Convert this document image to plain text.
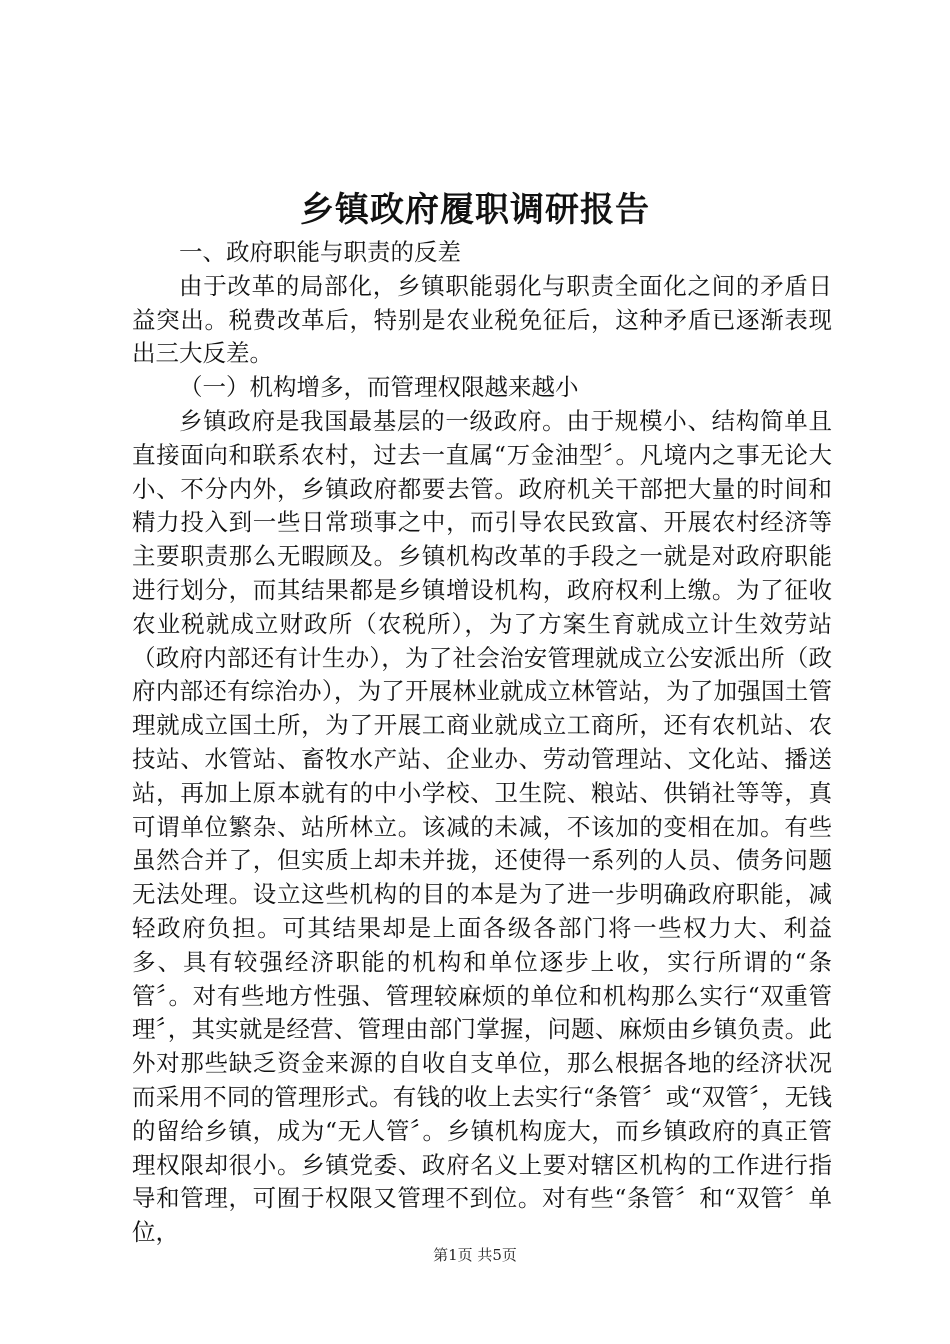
乡镇政府履职调研报告

一、政府职能与职责的反差

由于改革的局部化，乡镇职能弱化与职责全面化之间的矛盾日益突出。税费改革后，特别是农业税免征后，这种矛盾已逐渐表现出三大反差。

（一）机构增多，而管理权限越来越小

乡镇政府是我国最基层的一级政府。由于规模小、结构简单且直接面向和联系农村，过去一直属“万金油型〞。凡境内之事无论大小、不分内外，乡镇政府都要去管。政府机关干部把大量的时间和精力投入到一些日常琐事之中，而引导农民致富、开展农村经济等主要职责那么无暇顾及。乡镇机构改革的手段之一就是对政府职能进行划分，而其结果都是乡镇增设机构，政府权利上缴。为了征收农业税就成立财政所（农税所），为了方案生育就成立计生效劳站（政府内部还有计生办），为了社会治安管理就成立公安派出所（政府内部还有综治办），为了开展林业就成立林管站，为了加强国土管理就成立国土所，为了开展工商业就成立工商所，还有农机站、农技站、水管站、畜牧水产站、企业办、劳动管理站、文化站、播送站，再加上原本就有的中小学校、卫生院、粮站、供销社等等，真可谓单位繁杂、站所林立。该减的未减，不该加的变相在加。有些虽然合并了，但实质上却未并拢，还使得一系列的人员、债务问题无法处理。设立这些机构的目的本是为了进一步明确政府职能，减轻政府负担。可其结果却是上面各级各部门将一些权力大、利益多、具有较强经济职能的机构和单位逐步上收，实行所谓的“条管〞。对有些地方性强、管理较麻烦的单位和机构那么实行“双重管理〞，其实就是经营、管理由部门掌握，问题、麻烦由乡镇负责。此外对那些缺乏资金来源的自收自支单位，那么根据各地的经济状况而采用不同的管理形式。有钱的收上去实行“条管〞或“双管〞，无钱的留给乡镇，成为“无人管〞。乡镇机构庞大，而乡镇政府的真正管理权限却很小。乡镇党委、政府名义上要对辖区机构的工作进行指导和管理，可囿于权限又管理不到位。对有些“条管〞和“双管〞单位，

第1页 共5页
